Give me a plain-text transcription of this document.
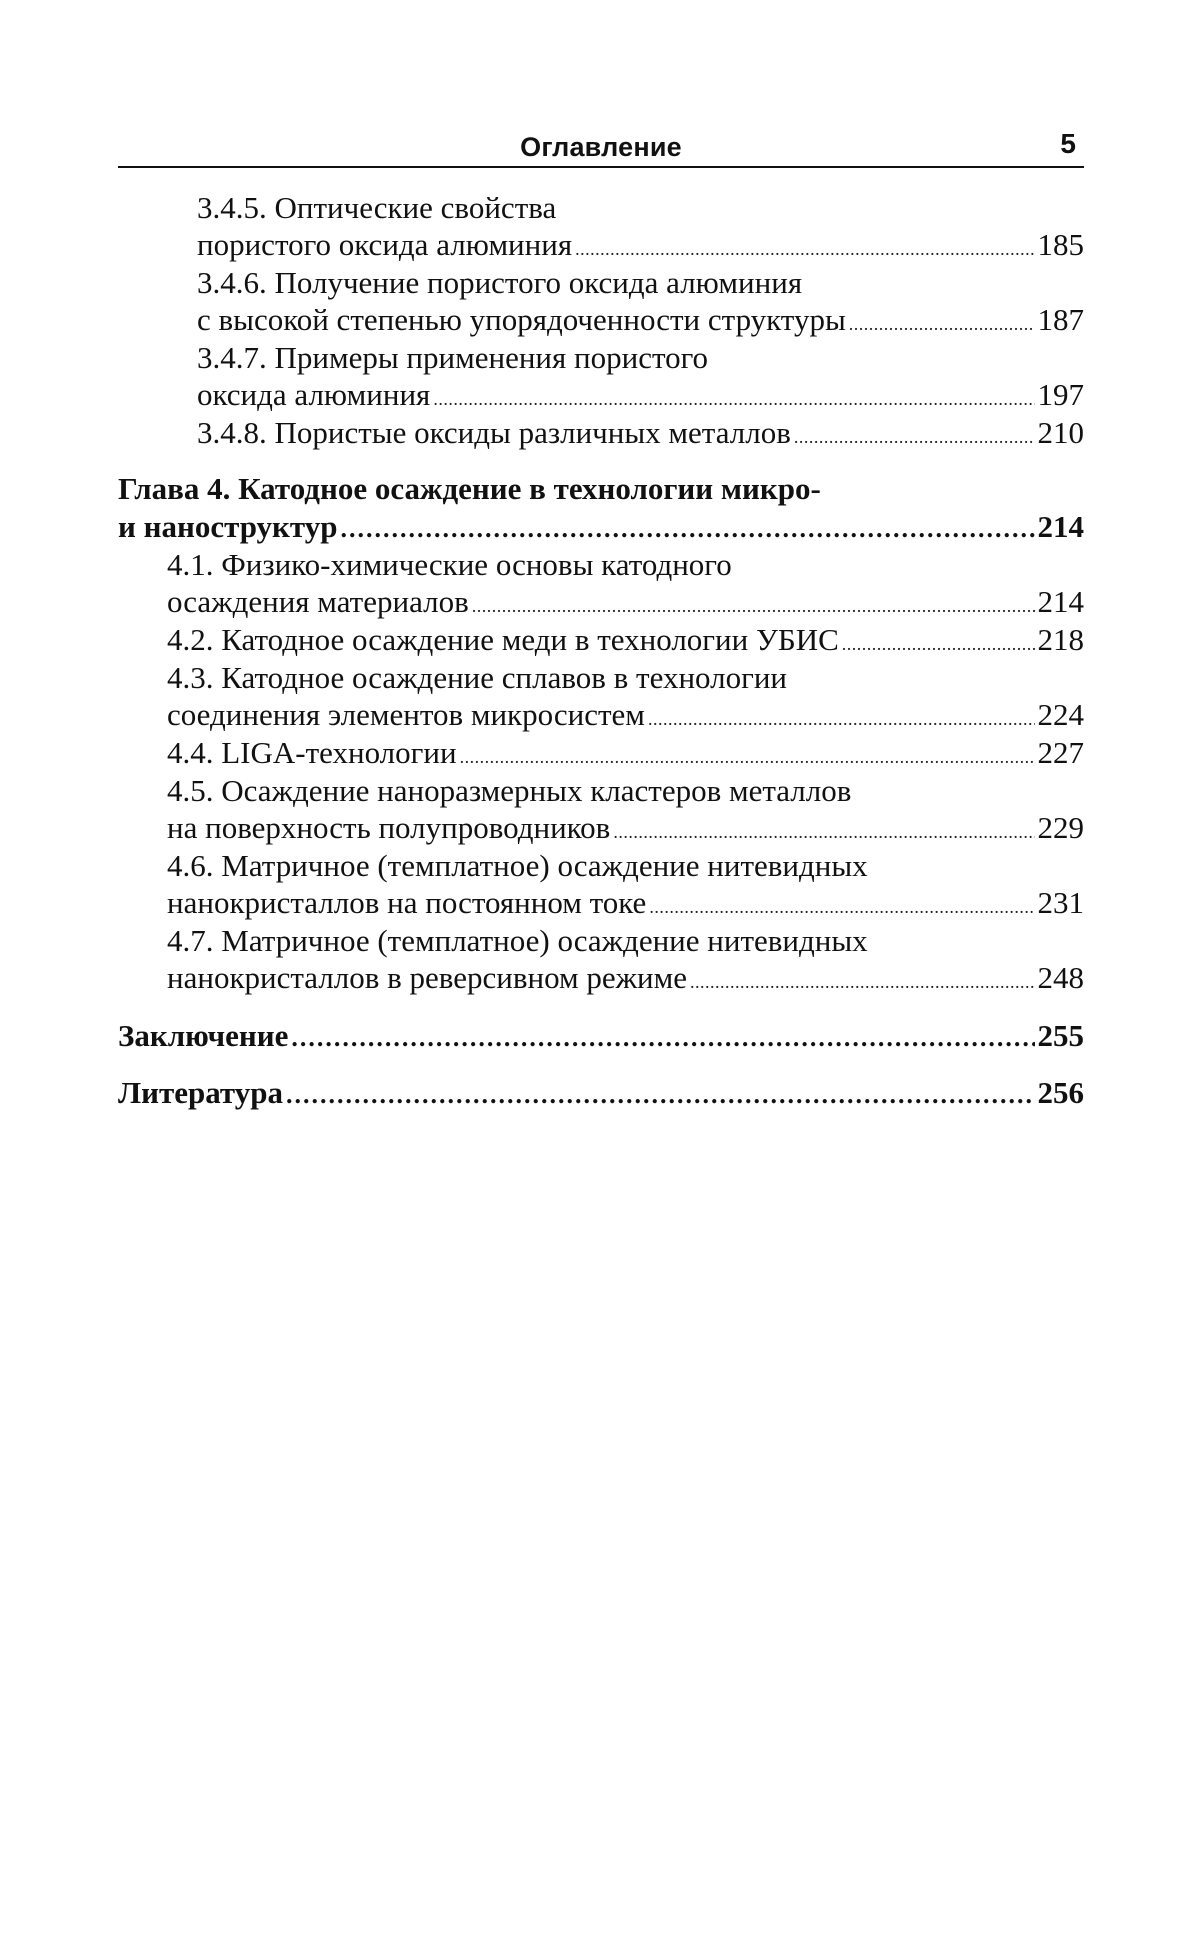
Оглавление	5
3.4.5. Оптические свойства
пористого оксида алюминия .....	185
3.4.6. Получение пористого оксида алюминия
с высокой степенью упорядоченности структуры .....	187
3.4.7. Примеры применения пористого
оксида алюминия .....	197
3.4.8. Пористые оксиды различных металлов .....	210
Глава 4. Катодное осаждение в технологии микро-
и наноструктур .....	214
4.1. Физико-химические основы катодного
осаждения материалов .....	214
4.2. Катодное осаждение меди в технологии УБИС .....	218
4.3. Катодное осаждение сплавов в технологии
соединения элементов микросистем .....	224
4.4. LIGA-технологии .....	227
4.5. Осаждение наноразмерных кластеров металлов
на поверхность полупроводников .....	229
4.6. Матричное (темплатное) осаждение нитевидных
нанокристаллов на постоянном токе .....	231
4.7. Матричное (темплатное) осаждение нитевидных
нанокристаллов в реверсивном режиме .....	248
Заключение .....	255
Литература .....	256
